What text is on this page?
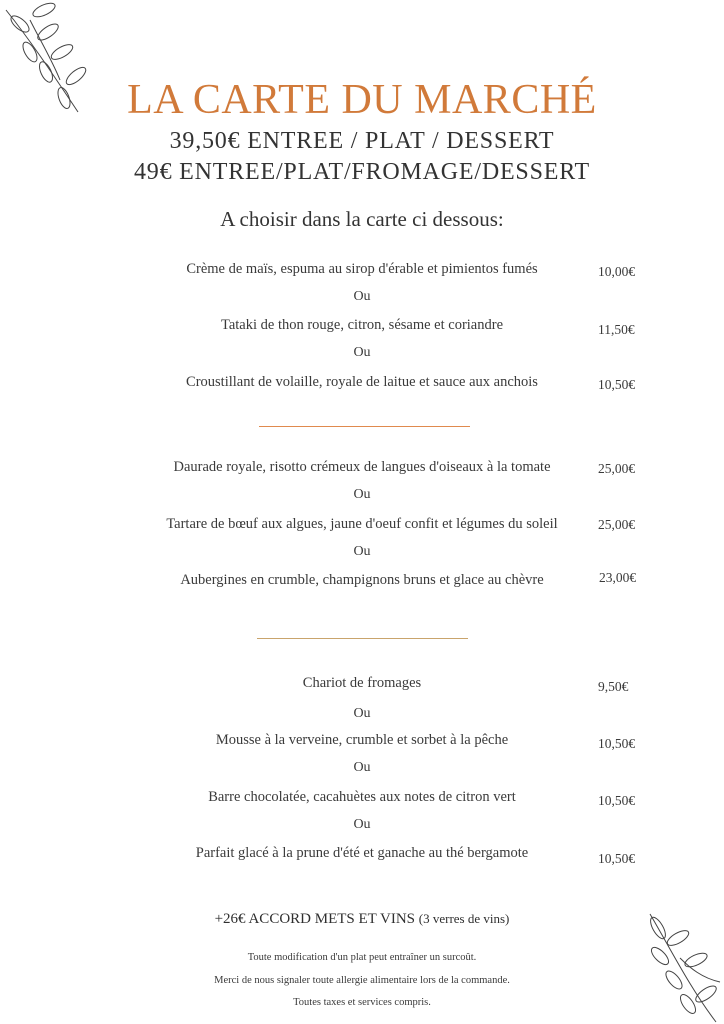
LA CARTE DU MARCHÉ
39,50€ ENTREE / PLAT / DESSERT
49€ ENTREE/PLAT/FROMAGE/DESSERT
A choisir dans la carte ci dessous:
Crème de maïs, espuma au sirop d'érable et pimientos fumés	10,00€
Ou
Tataki de thon rouge, citron, sésame et coriandre	11,50€
Ou
Croustillant de volaille, royale de laitue et sauce aux anchois	10,50€
Daurade royale, risotto crémeux de langues d'oiseaux à la tomate	25,00€
Ou
Tartare de bœuf aux algues, jaune d'oeuf confit et légumes du soleil	25,00€
Ou
Aubergines en crumble, champignons bruns et glace au chèvre	23,00€
Chariot de fromages	9,50€
Ou
Mousse à la verveine, crumble et sorbet à la pêche	10,50€
Ou
Barre chocolatée, cacahuètes aux notes de citron vert	10,50€
Ou
Parfait glacé à la prune d'été et ganache au thé bergamote	10,50€
+26€ ACCORD METS ET VINS (3 verres de vins)
Toute modification d'un plat peut entraîner un surcoût.
Merci de nous signaler toute allergie alimentaire lors de la commande.
Toutes taxes et services compris.
